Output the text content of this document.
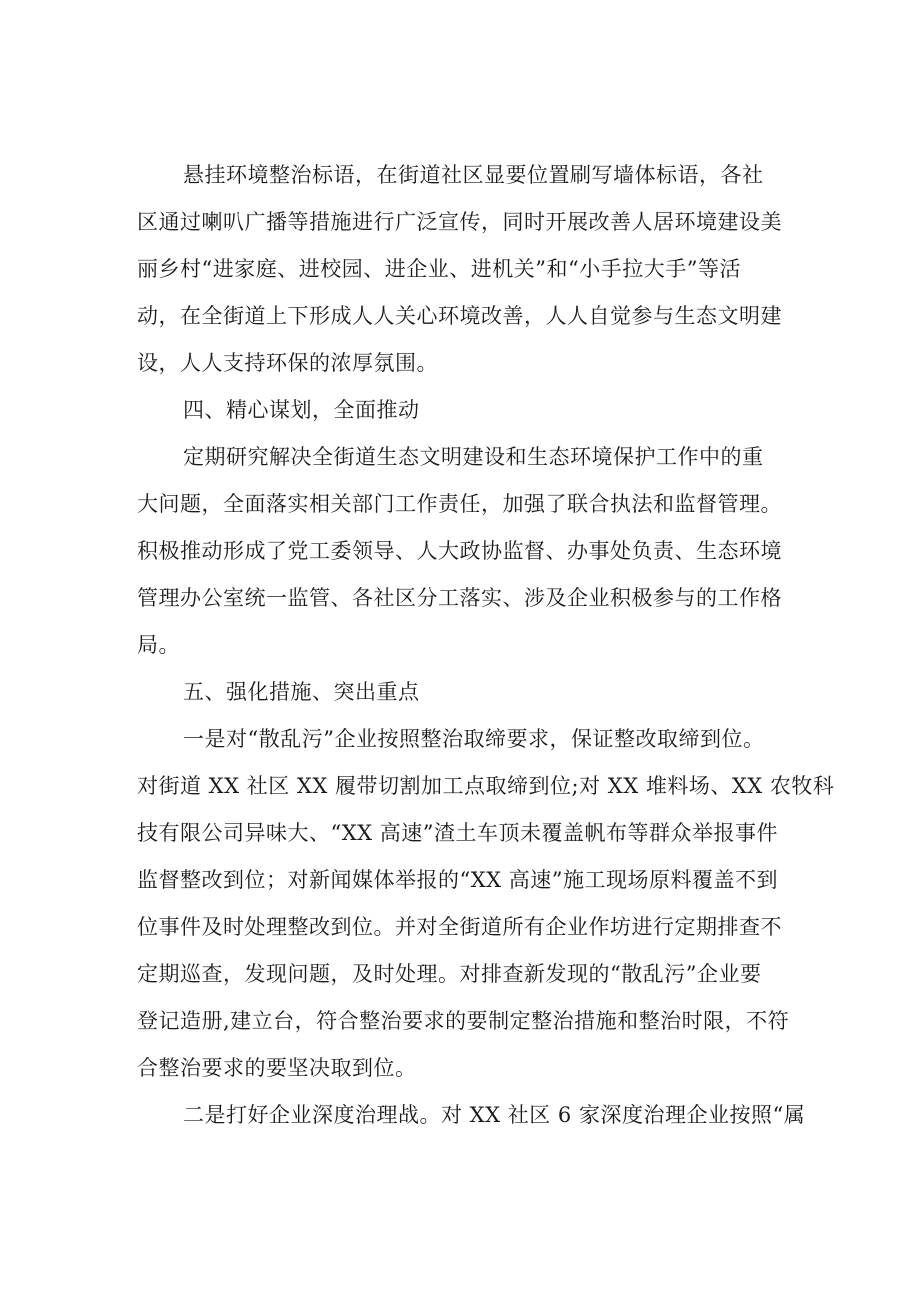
悬挂环境整治标语，在街道社区显要位置刷写墙体标语，各社
区通过喇叭广播等措施进行广泛宣传，同时开展改善人居环境建设美
丽乡村“进家庭、进校园、进企业、进机关”和“小手拉大手”等活
动，在全街道上下形成人人关心环境改善，人人自觉参与生态文明建
设，人人支持环保的浓厚氛围。
四、精心谋划，全面推动
定期研究解决全街道生态文明建设和生态环境保护工作中的重
大问题，全面落实相关部门工作责任，加强了联合执法和监督管理。
积极推动形成了党工委领导、人大政协监督、办事处负责、生态环境
管理办公室统一监管、各社区分工落实、涉及企业积极参与的工作格
局。
五、强化措施、突出重点
一是对“散乱污”企业按照整治取缔要求，保证整改取缔到位。
对街道 XX 社区 XX 履带切割加工点取缔到位;对 XX 堆料场、XX 农牧科
技有限公司异味大、“XX 高速”渣土车顶未覆盖帆布等群众举报事件
监督整改到位；对新闻媒体举报的“XX 高速”施工现场原料覆盖不到
位事件及时处理整改到位。并对全街道所有企业作坊进行定期排查不
定期巡查，发现问题，及时处理。对排查新发现的“散乱污”企业要
登记造册,建立台，符合整治要求的要制定整治措施和整治时限，不符
合整治要求的要坚决取到位。
二是打好企业深度治理战。对 XX 社区 6 家深度治理企业按照“属
